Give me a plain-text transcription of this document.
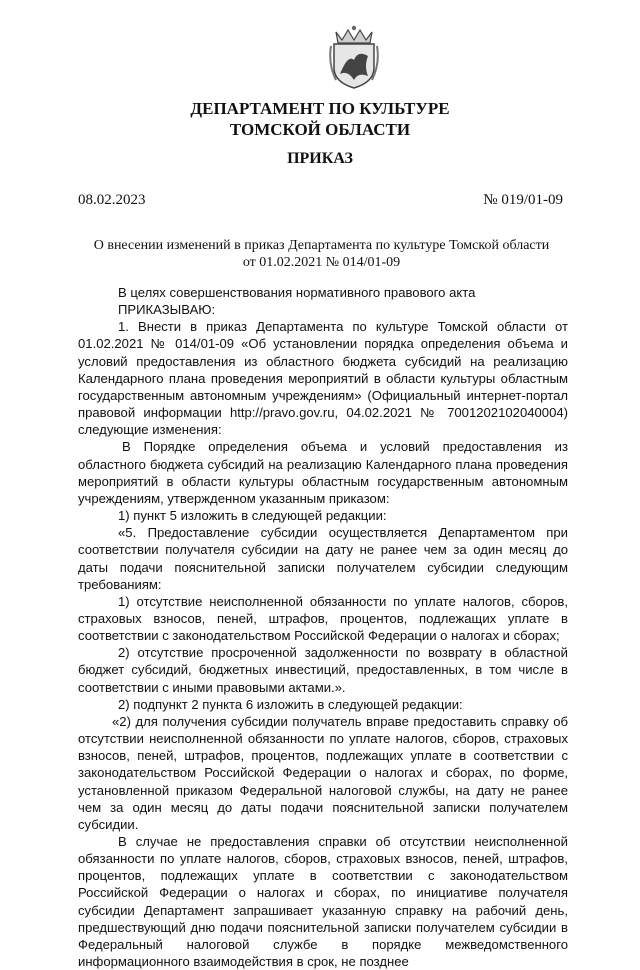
ДЕПАРТАМЕНТ ПО КУЛЬТУРЕ
ТОМСКОЙ ОБЛАСТИ
ПРИКАЗ
08.02.2023	№ 019/01-09
О внесении изменений в приказ Департамента по культуре Томской области
от 01.02.2021 № 014/01-09

В целях совершенствования нормативного правового акта

ПРИКАЗЫВАЮ:

1. Внести в приказ Департамента по культуре Томской области от 01.02.2021 № 014/01-09 «Об установлении порядка определения объема и условий предоставления из областного бюджета субсидий на реализацию Календарного плана проведения мероприятий в области культуры областным государственным автономным учреждениям» (Официальный интернет-портал правовой информации http://pravo.gov.ru, 04.02.2021 № 7001202102040004) следующие изменения:

В Порядке определения объема и условий предоставления из областного бюджета субсидий на реализацию Календарного плана проведения мероприятий в области культуры областным государственным автономным учреждениям, утвержденном указанным приказом:

1) пункт 5 изложить в следующей редакции:

«5. Предоставление субсидии осуществляется Департаментом при соответствии получателя субсидии на дату не ранее чем за один месяц до даты подачи пояснительной записки получателем субсидии следующим требованиям:

1) отсутствие неисполненной обязанности по уплате налогов, сборов, страховых взносов, пеней, штрафов, процентов, подлежащих уплате в соответствии с законодательством Российской Федерации о налогах и сборах;

2) отсутствие просроченной задолженности по возврату в областной бюджет субсидий, бюджетных инвестиций, предоставленных, в том числе в соответствии с иными правовыми актами.».

2) подпункт 2 пункта 6 изложить в следующей редакции:

«2) для получения субсидии получатель вправе предоставить справку об отсутствии неисполненной обязанности по уплате налогов, сборов, страховых взносов, пеней, штрафов, процентов, подлежащих уплате в соответствии с законодательством Российской Федерации о налогах и сборах, по форме, установленной приказом Федеральной налоговой службы, на дату не ранее чем за один месяц до даты подачи пояснительной записки получателем субсидии.

В случае не предоставления справки об отсутствии неисполненной обязанности по уплате налогов, сборов, страховых взносов, пеней, штрафов, процентов, подлежащих уплате в соответствии с законодательством Российской Федерации о налогах и сборах, по инициативе получателя субсидии Департамент запрашивает указанную справку на рабочий день, предшествующий дню подачи пояснительной записки получателем субсидии в Федеральный налоговой службе в порядке межведомственного информационного взаимодействия в срок, не позднее
